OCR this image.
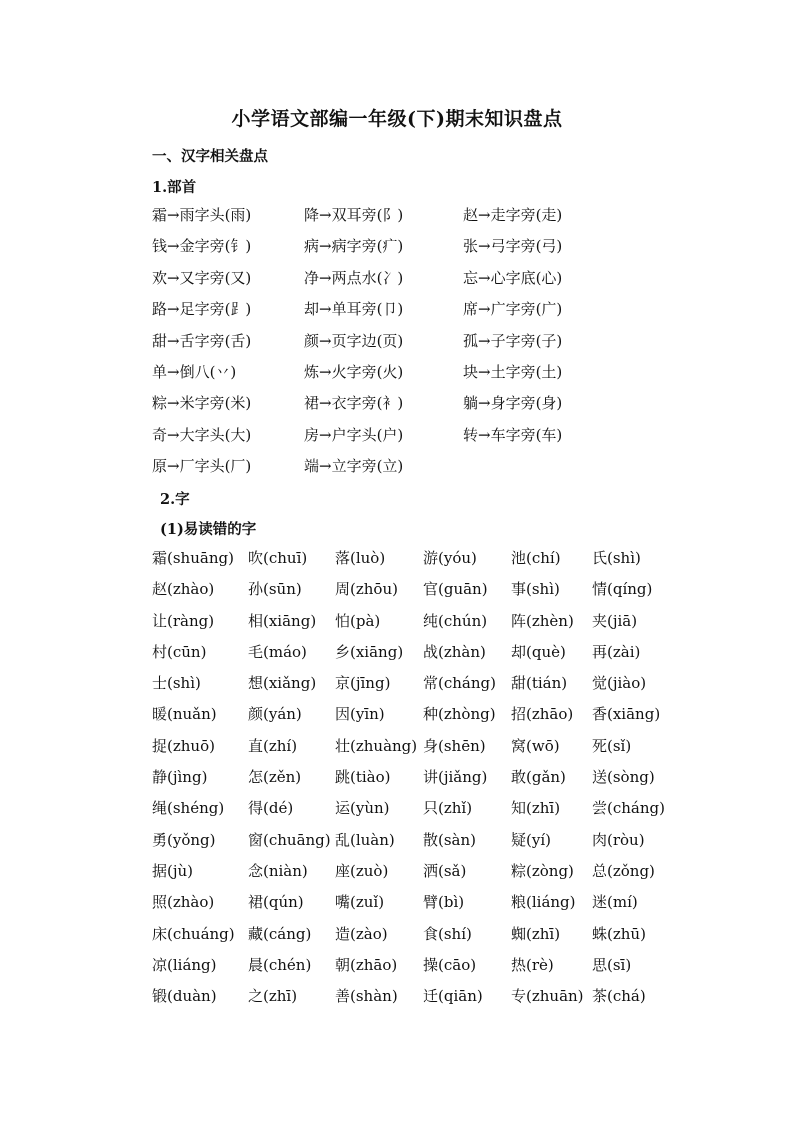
小学语文部编一年级(下)期末知识盘点
一、汉字相关盘点
1.部首
霜→雨字头(雨)	降→双耳旁(阝)	赵→走字旁(走)
钱→金字旁(钅)	病→病字旁(疒)	张→弓字旁(弓)
欢→又字旁(又)	净→两点水(冫)	忘→心字底(心)
路→足字旁(⻊)	却→单耳旁(卩)	席→广字旁(广)
甜→舌字旁(舌)	颜→页字边(页)	孤→子字旁(子)
单→倒八(丷)	炼→火字旁(火)	块→土字旁(土)
粽→米字旁(米)	裙→衣字旁(衤)	躺→身字旁(身)
奇→大字头(大)	房→户字头(户)	转→车字旁(车)
原→厂字头(厂)	端→立字旁(立)
2.字
(1)易读错的字
霜(shuāng) 吹(chuī) 落(luò)	游(yóu) 池(chí) 氏(shì)
赵(zhào) 孙(sūn) 周(zhōu) 官(guān) 事(shì) 情(qíng)
让(ràng) 相(xiāng) 怕(pà)	纯(chún) 阵(zhèn) 夹(jiā)
村(cūn)	毛(máo) 乡(xiāng) 战(zhàn) 却(què) 再(zài)
士(shì)	想(xiǎng) 京(jīng) 常(cháng) 甜(tián) 觉(jiào)
暖(nuǎn) 颜(yán) 因(yīn)	种(zhòng) 招(zhāo) 香(xiāng)
捉(zhuō) 直(zhí)	壮(zhuàng) 身(shēn) 窝(wō) 死(sǐ)
静(jìng)	怎(zěn) 跳(tiào) 讲(jiǎng) 敢(gǎn) 送(sòng)
绳(shéng) 得(dé)	运(yùn) 只(zhǐ)	知(zhī) 尝(cháng)
勇(yǒng) 窗(chuāng) 乱(luàn) 散(sàn) 疑(yí)	肉(ròu)
据(jù)	念(niàn) 座(zuò) 洒(sǎ)	粽(zòng) 总(zǒng)
照(zhào) 裙(qún) 嘴(zuǐ)	臂(bì)	粮(liáng) 迷(mí)
床(chuáng) 藏(cáng) 造(zào) 食(shí)	蜘(zhī) 蛛(zhū)
凉(liáng) 晨(chén) 朝(zhāo) 操(cāo) 热(rè)	思(sī)
锻(duàn) 之(zhī)	善(shàn) 迁(qiān) 专(zhuān) 茶(chá)
